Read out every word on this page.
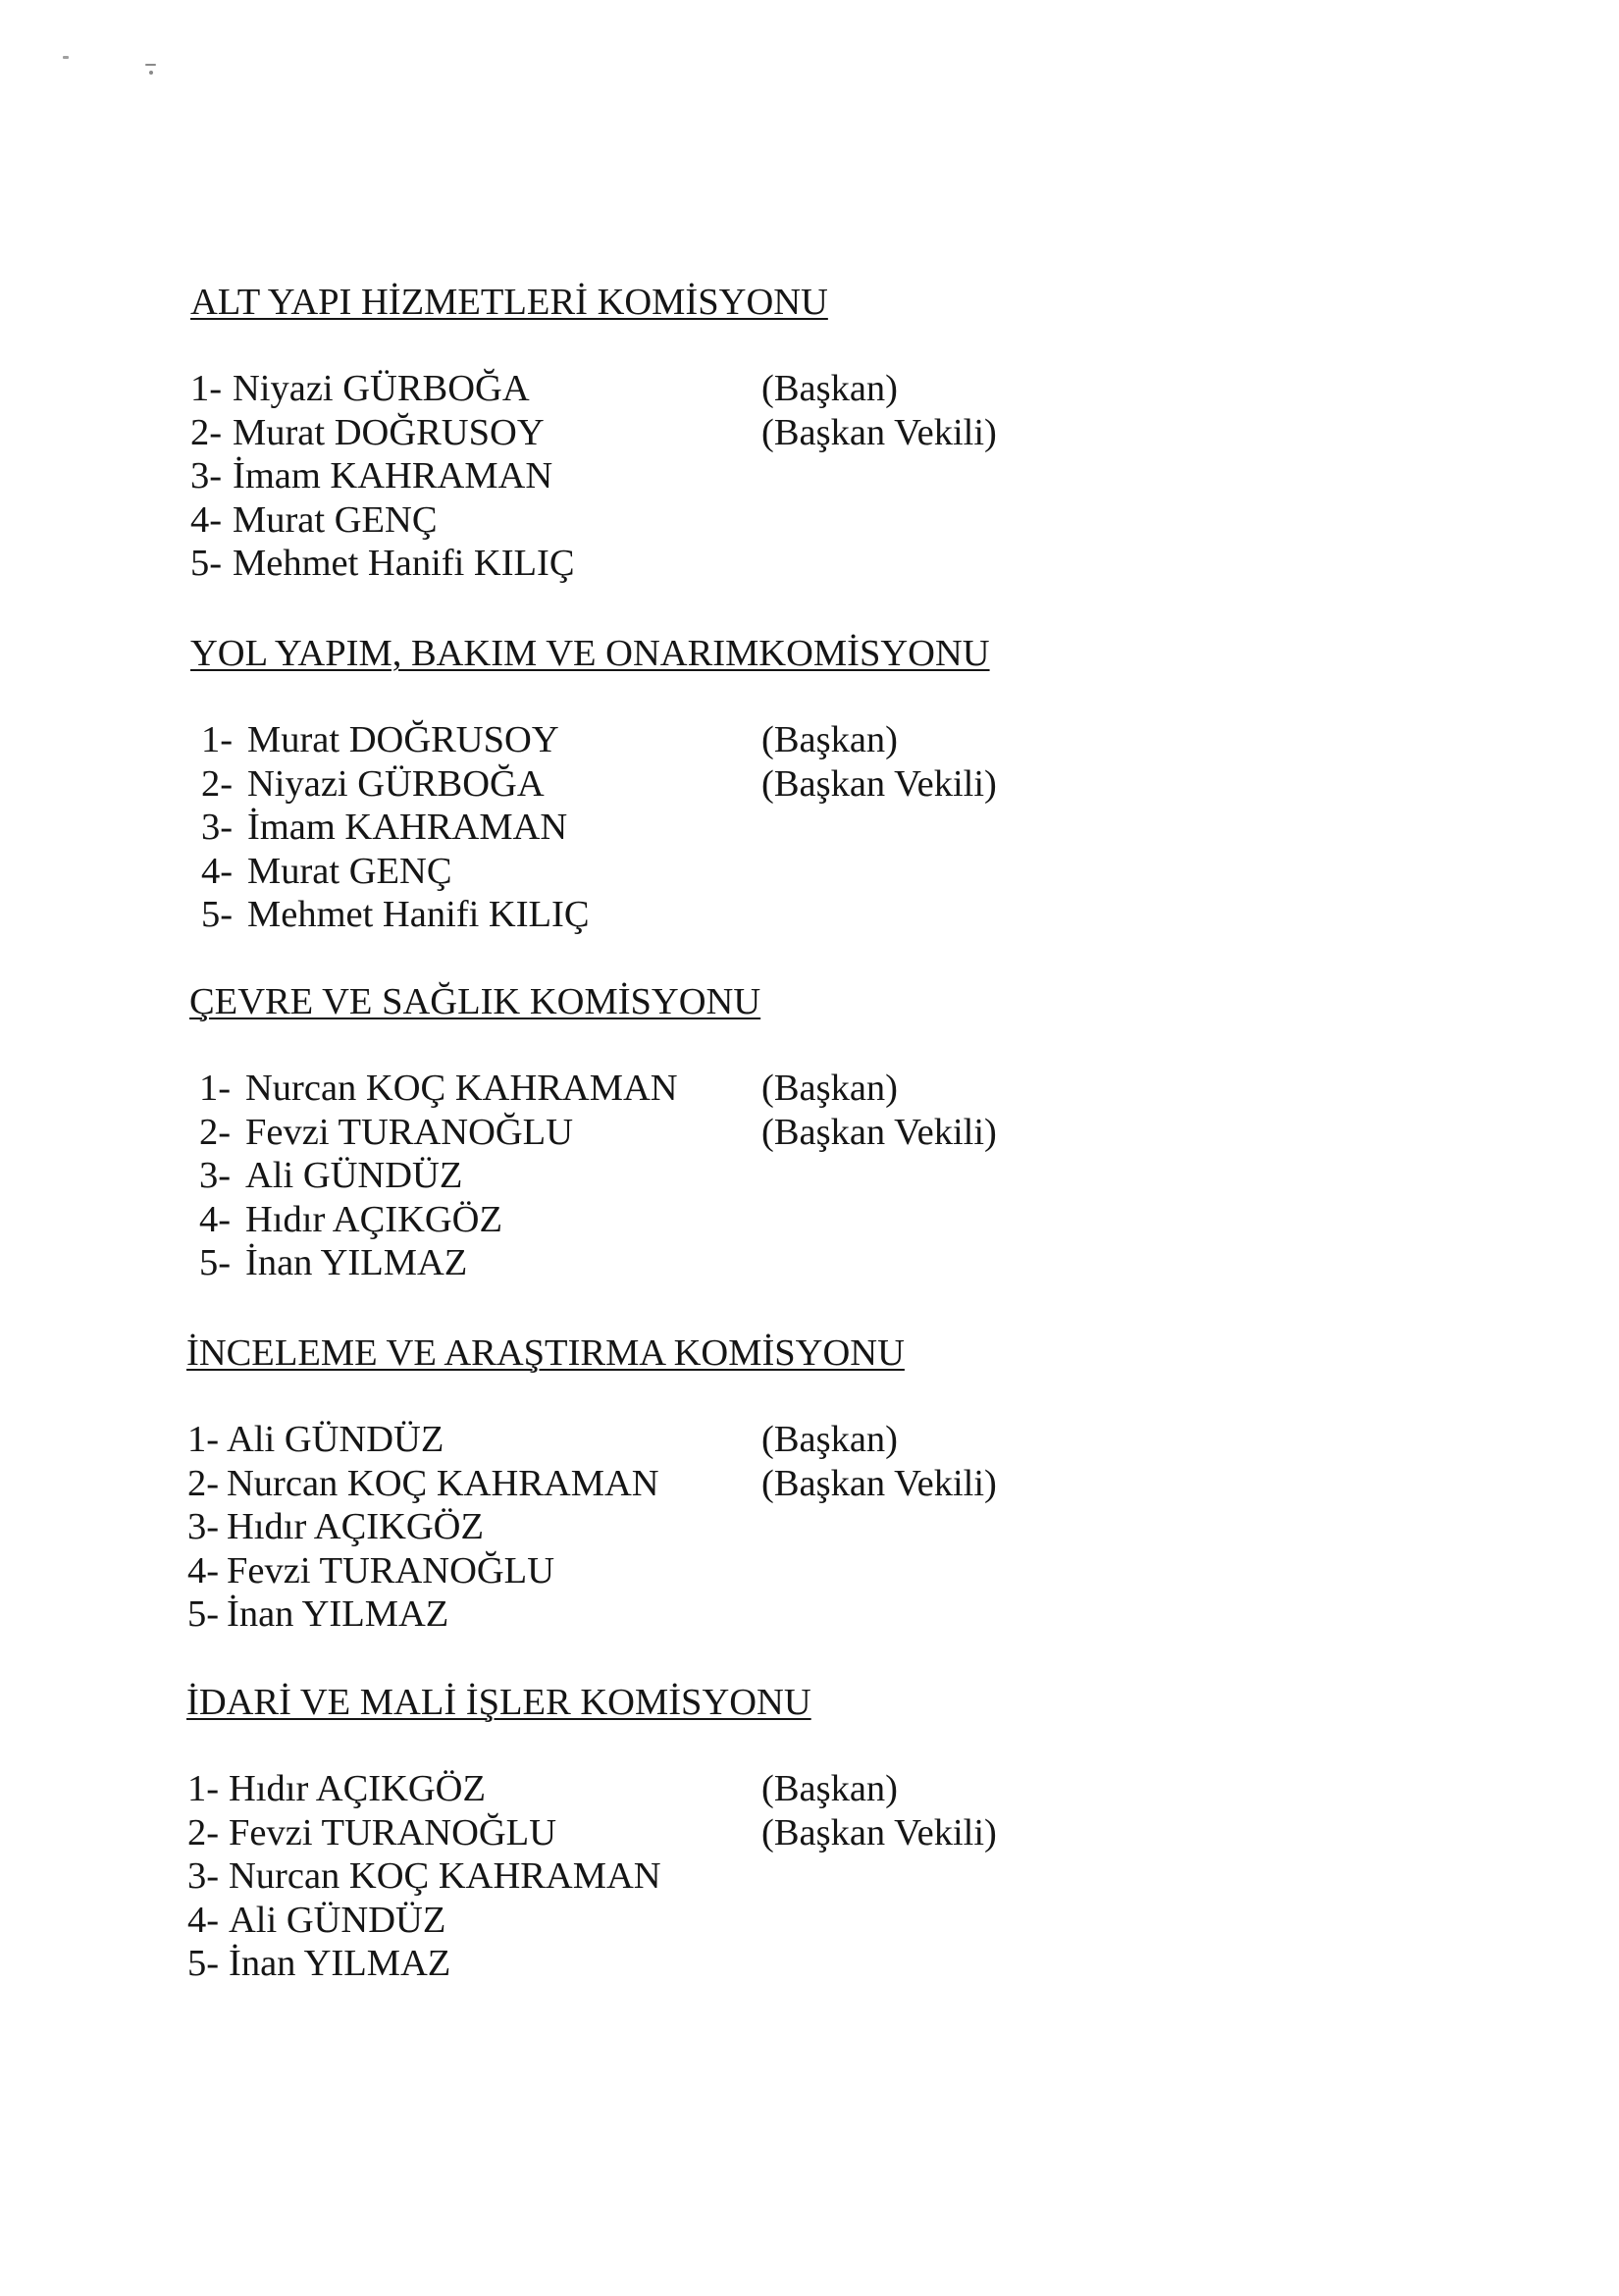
ALT YAPI HİZMETLERİ KOMİSYONU
1- Niyazi GÜRBOĞA	(Başkan)
2- Murat DOĞRUSOY	(Başkan Vekili)
3- İmam KAHRAMAN
4- Murat GENÇ
5- Mehmet Hanifi KILIÇ
YOL YAPIM, BAKIM VE ONARIMKOMİSYONU
1- Murat DOĞRUSOY	(Başkan)
2- Niyazi GÜRBOĞA	(Başkan Vekili)
3- İmam KAHRAMAN
4- Murat GENÇ
5- Mehmet Hanifi KILIÇ
ÇEVRE VE SAĞLIK KOMİSYONU
1- Nurcan KOÇ KAHRAMAN (Başkan)
2- Fevzi TURANOĞLU	(Başkan Vekili)
3- Ali GÜNDÜZ
4- Hıdır AÇIKGÖZ
5- İnan YILMAZ
İNCELEME VE ARAŞTIRMA KOMİSYONU
1- Ali GÜNDÜZ	(Başkan)
2- Nurcan KOÇ KAHRAMAN	(Başkan Vekili)
3- Hıdır AÇIKGÖZ
4- Fevzi TURANOĞLU
5- İnan YILMAZ
İDARİ VE MALİ İŞLER KOMİSYONU
1- Hıdır AÇIKGÖZ	(Başkan)
2- Fevzi TURANOĞLU	(Başkan Vekili)
3- Nurcan KOÇ KAHRAMAN
4- Ali GÜNDÜZ
5- İnan YILMAZ
